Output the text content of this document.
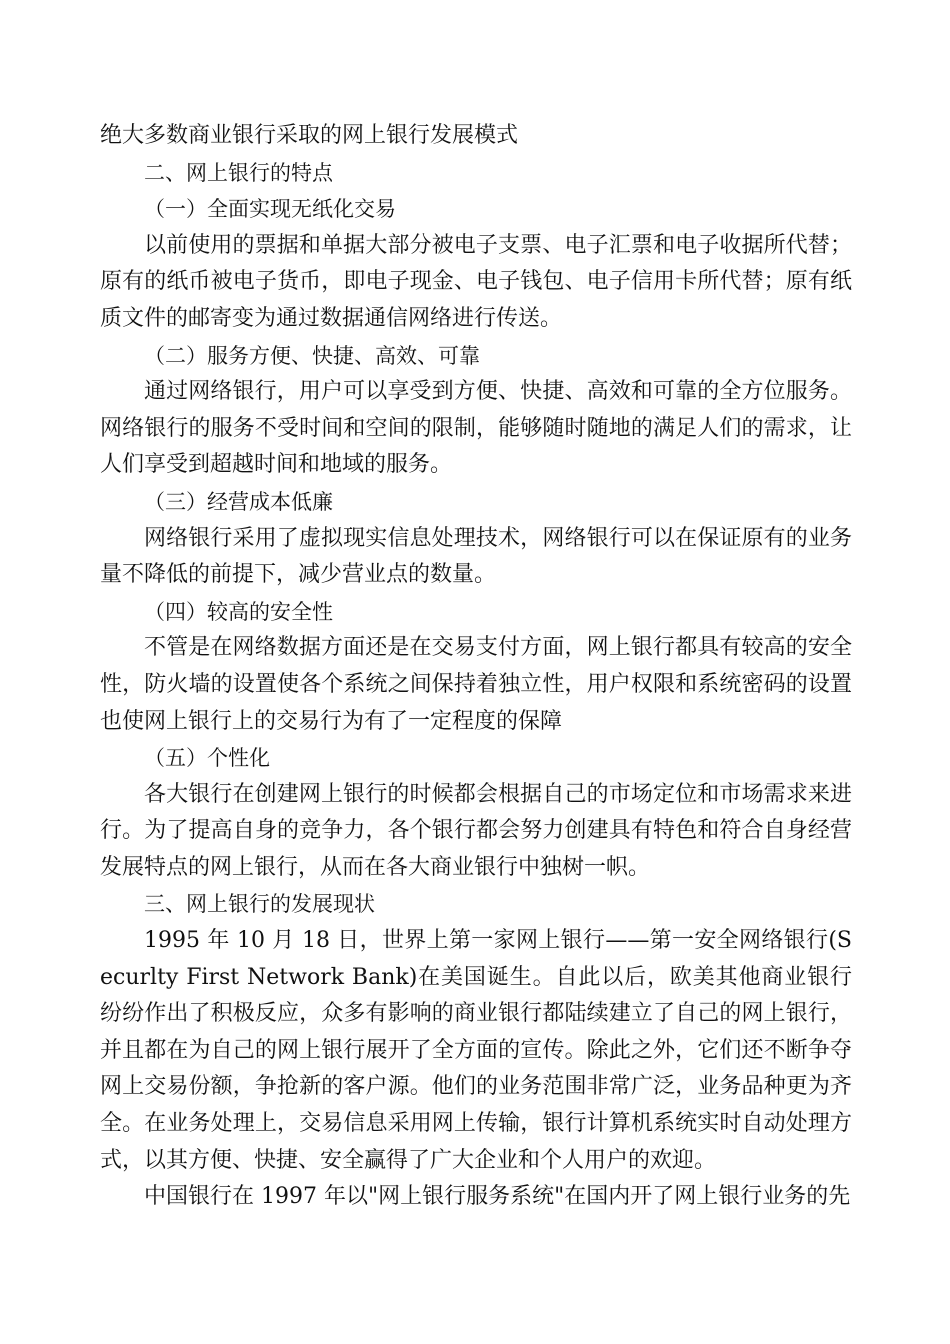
绝大多数商业银行采取的网上银行发展模式

二、网上银行的特点

（一）全面实现无纸化交易

以前使用的票据和单据大部分被电子支票、电子汇票和电子收据所代替；原有的纸币被电子货币，即电子现金、电子钱包、电子信用卡所代替；原有纸质文件的邮寄变为通过数据通信网络进行传送。

（二）服务方便、快捷、高效、可靠

通过网络银行，用户可以享受到方便、快捷、高效和可靠的全方位服务。网络银行的服务不受时间和空间的限制，能够随时随地的满足人们的需求，让人们享受到超越时间和地域的服务。

（三）经营成本低廉

网络银行采用了虚拟现实信息处理技术，网络银行可以在保证原有的业务量不降低的前提下，减少营业点的数量。

（四）较高的安全性

不管是在网络数据方面还是在交易支付方面，网上银行都具有较高的安全性，防火墙的设置使各个系统之间保持着独立性，用户权限和系统密码的设置也使网上银行上的交易行为有了一定程度的保障

（五）个性化

各大银行在创建网上银行的时候都会根据自己的市场定位和市场需求来进行。为了提高自身的竞争力，各个银行都会努力创建具有特色和符合自身经营发展特点的网上银行，从而在各大商业银行中独树一帜。

三、网上银行的发展现状

1995 年 10 月 18 日，世界上第一家网上银行——第一安全网络银行(Securlty First Network Bank)在美国诞生。自此以后，欧美其他商业银行纷纷作出了积极反应，众多有影响的商业银行都陆续建立了自己的网上银行，并且都在为自己的网上银行展开了全方面的宣传。除此之外，它们还不断争夺网上交易份额，争抢新的客户源。他们的业务范围非常广泛，业务品种更为齐全。在业务处理上，交易信息采用网上传输，银行计算机系统实时自动处理方式，以其方便、快捷、安全赢得了广大企业和个人用户的欢迎。

中国银行在 1997 年以"网上银行服务系统"在国内开了网上银行业务的先
